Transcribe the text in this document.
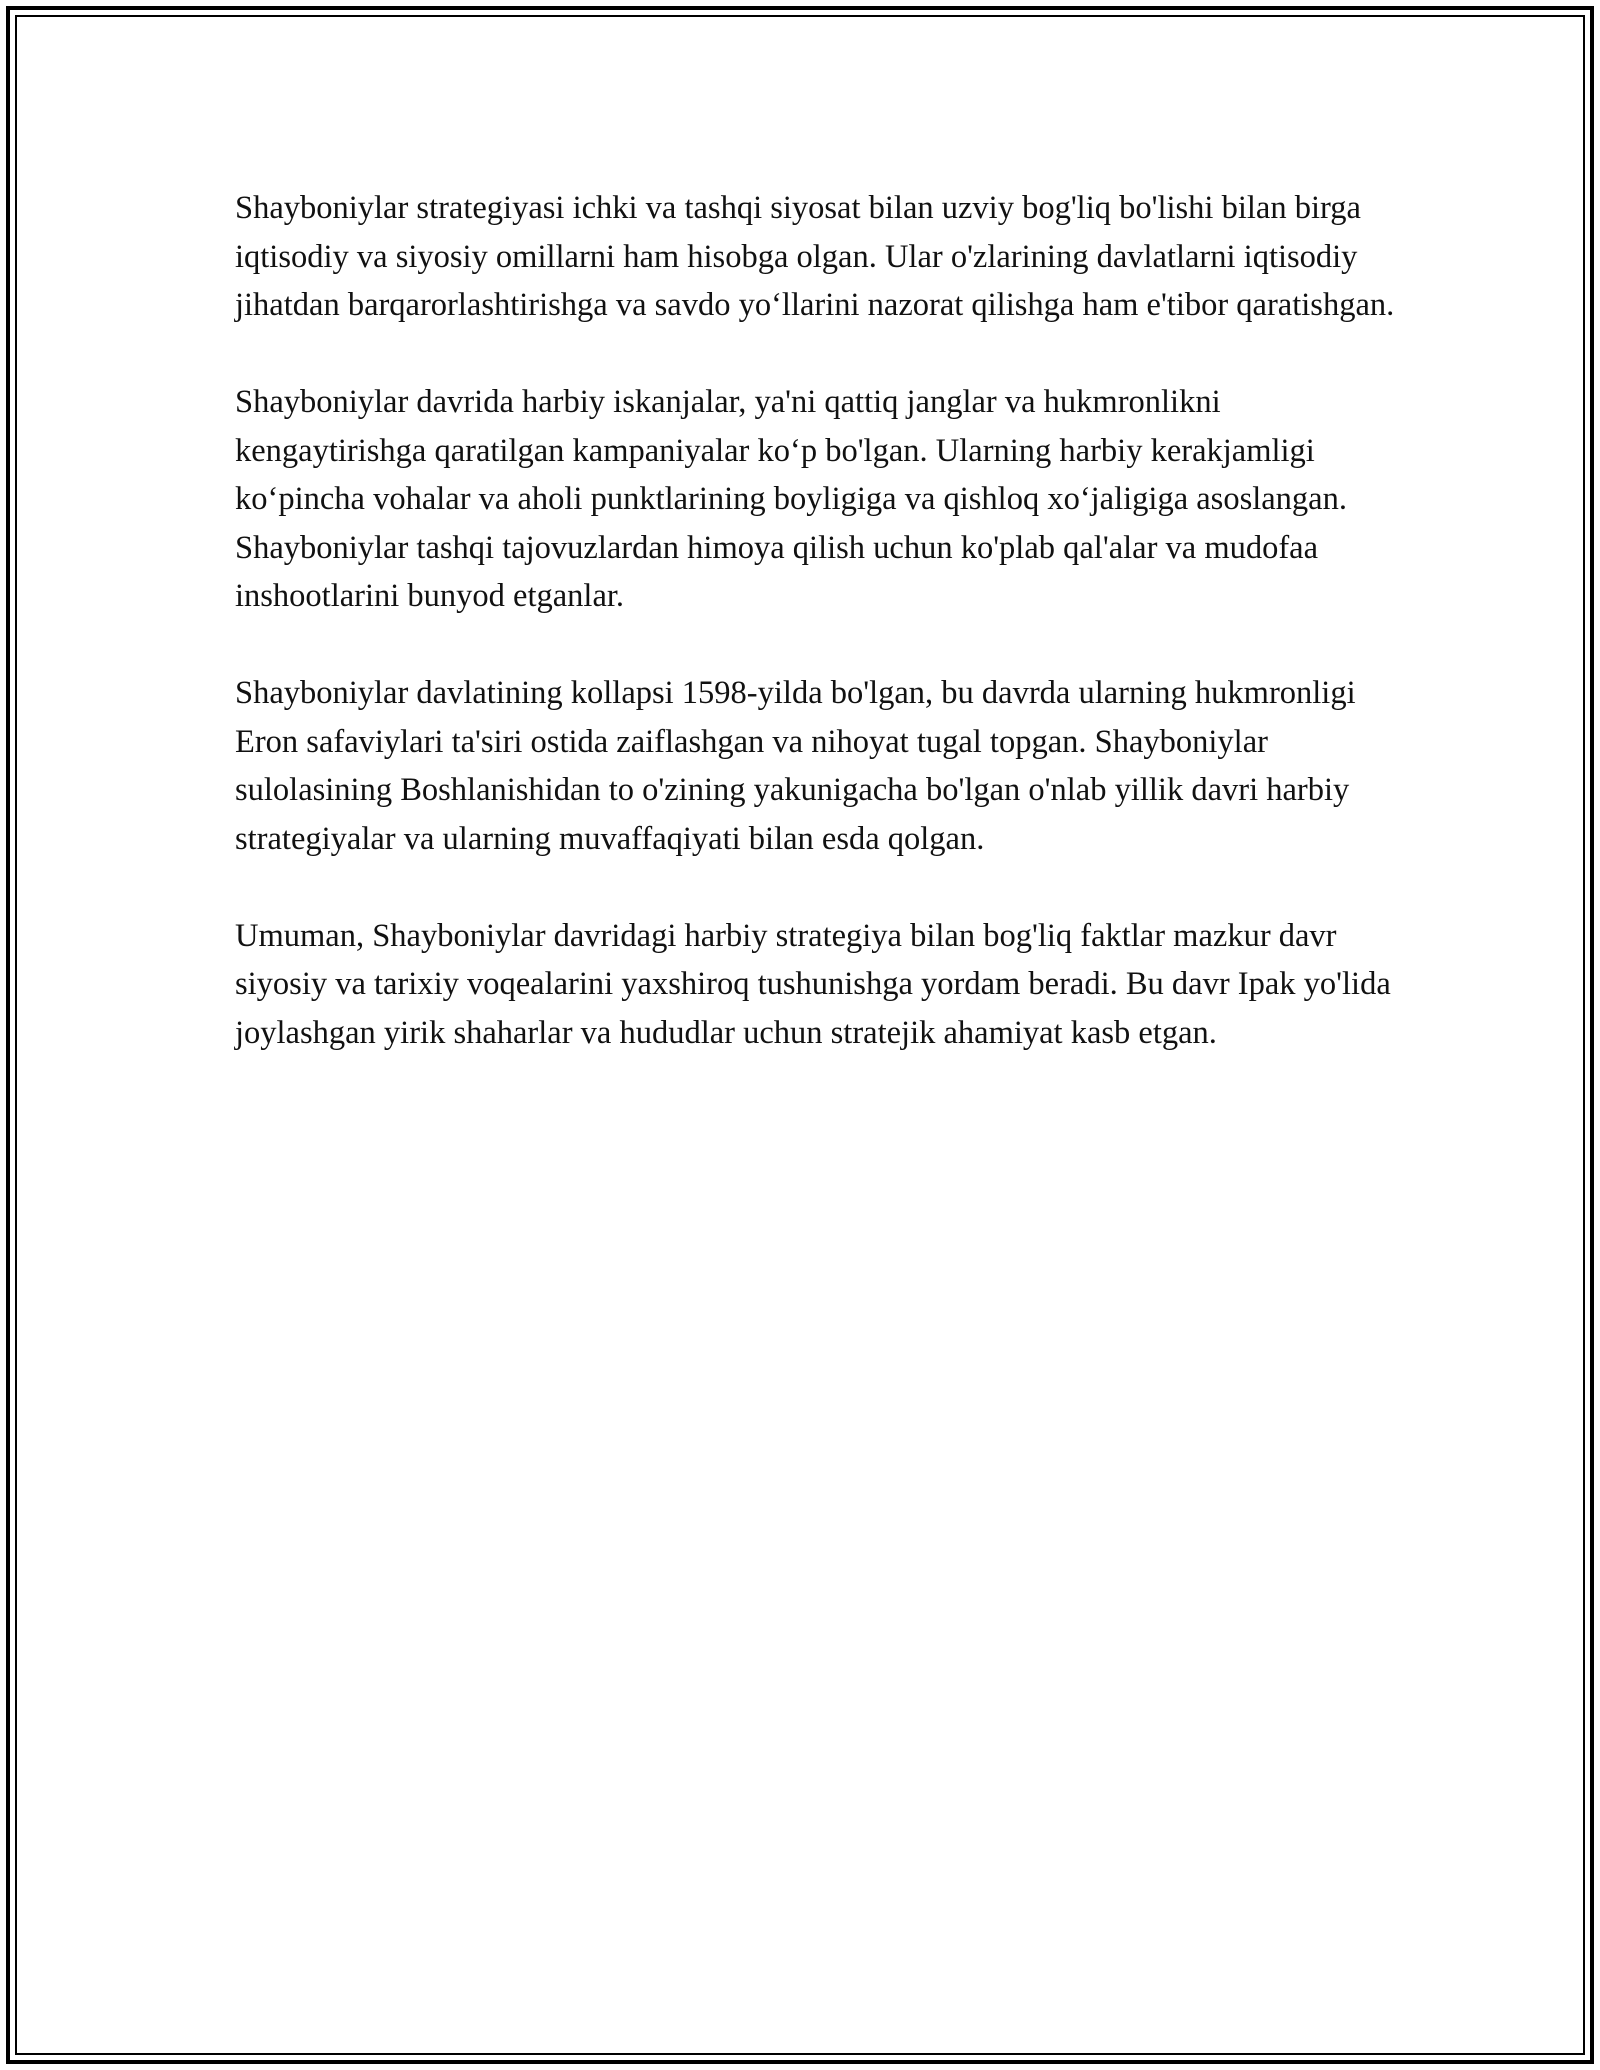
Shayboniylar strategiyasi ichki va tashqi siyosat bilan uzviy bog'liq bo'lishi bilan birga iqtisodiy va siyosiy omillarni ham hisobga olgan. Ular o'zlarining davlatlarni iqtisodiy jihatdan barqarorlashtirishga va savdo yo‘llarini nazorat qilishga ham e'tibor qaratishgan.

Shayboniylar davrida harbiy iskanjalar, ya'ni qattiq janglar va hukmronlikni kengaytirishga qaratilgan kampaniyalar ko‘p bo'lgan. Ularning harbiy kerakjamligi ko‘pincha vohalar va aholi punktlarining boyligiga va qishloq xo‘jaligiga asoslangan. Shayboniylar tashqi tajovuzlardan himoya qilish uchun ko'plab qal'alar va mudofaa inshootlarini bunyod etganlar.

Shayboniylar davlatining kollapsi 1598-yilda bo'lgan, bu davrda ularning hukmronligi Eron safaviylari ta'siri ostida zaiflashgan va nihoyat tugal topgan. Shayboniylar sulolasining Boshlanishidan to o'zining yakunigacha bo'lgan o'nlab yillik davri harbiy strategiyalar va ularning muvaffaqiyati bilan esda qolgan.

Umuman, Shayboniylar davridagi harbiy strategiya bilan bog'liq faktlar mazkur davr siyosiy va tarixiy voqealarini yaxshiroq tushunishga yordam beradi. Bu davr Ipak yo'lida joylashgan yirik shaharlar va hududlar uchun stratejik ahamiyat kasb etgan.
